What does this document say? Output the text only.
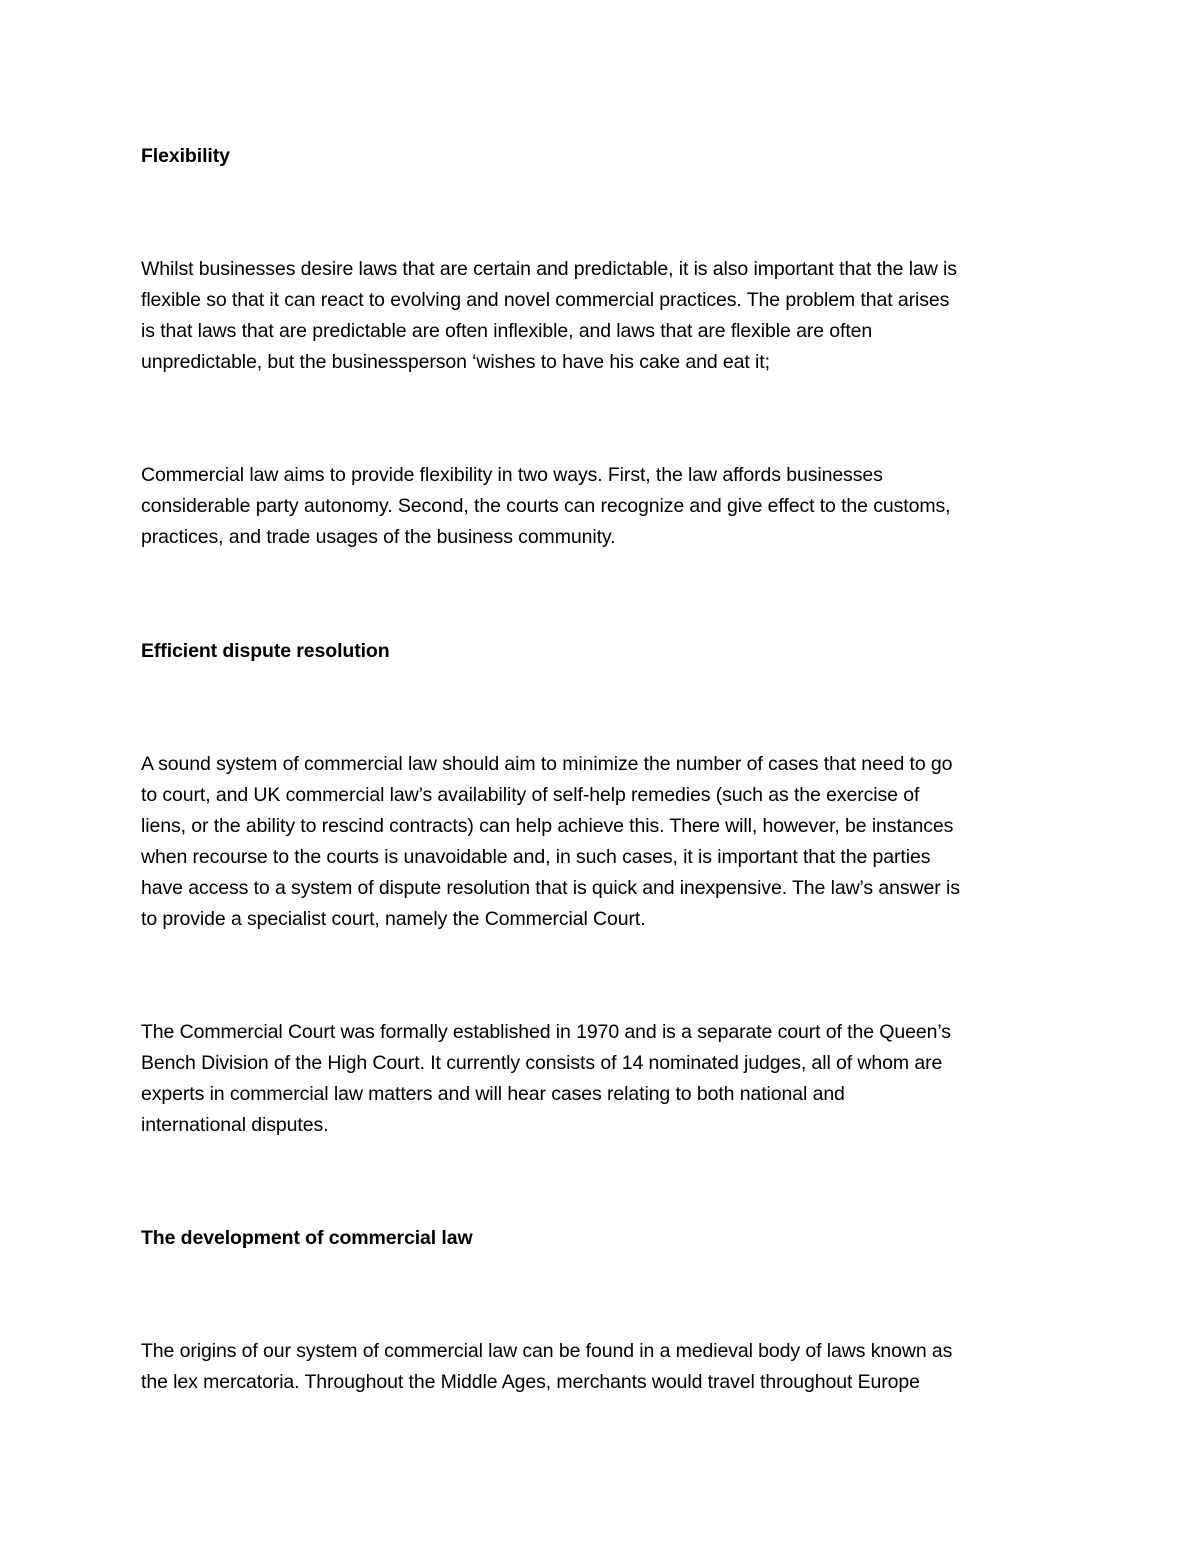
Flexibility

Whilst businesses desire laws that are certain and predictable, it is also important that the law is
flexible so that it can react to evolving and novel commercial practices. The problem that arises
is that laws that are predictable are often inflexible, and laws that are flexible are often
unpredictable, but the businessperson ‘wishes to have his cake and eat it;

Commercial law aims to provide flexibility in two ways. First, the law affords businesses
considerable party autonomy. Second, the courts can recognize and give effect to the customs,
practices, and trade usages of the business community.

Efficient dispute resolution

A sound system of commercial law should aim to minimize the number of cases that need to go
to court, and UK commercial law’s availability of self-help remedies (such as the exercise of
liens, or the ability to rescind contracts) can help achieve this. There will, however, be instances
when recourse to the courts is unavoidable and, in such cases, it is important that the parties
have access to a system of dispute resolution that is quick and inexpensive. The law’s answer is
to provide a specialist court, namely the Commercial Court.

The Commercial Court was formally established in 1970 and is a separate court of the Queen’s
Bench Division of the High Court. It currently consists of 14 nominated judges, all of whom are
experts in commercial law matters and will hear cases relating to both national and
international disputes.

The development of commercial law

The origins of our system of commercial law can be found in a medieval body of laws known as
the lex mercatoria. Throughout the Middle Ages, merchants would travel throughout Europe
